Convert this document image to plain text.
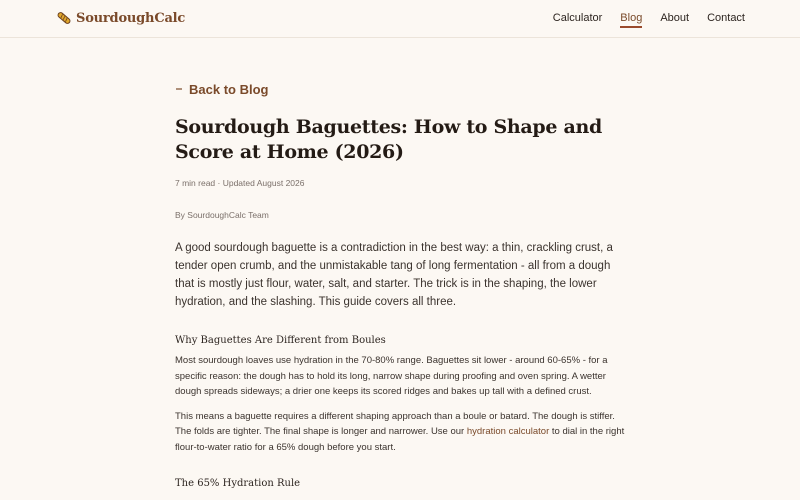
SourdoughCalc	Calculator Blog About Contact
Back to Blog
Sourdough Baguettes: How to Shape and Score at Home (2026)
7 min read · Updated August 2026
By SourdoughCalc Team

A good sourdough baguette is a contradiction in the best way: a thin, crackling crust, a tender open crumb, and the unmistakable tang of long fermentation - all from a dough that is mostly just flour, water, salt, and starter. The trick is in the shaping, the lower hydration, and the slashing. This guide covers all three.

Why Baguettes Are Different from Boules

Most sourdough loaves use hydration in the 70-80% range. Baguettes sit lower - around 60-65% - for a specific reason: the dough has to hold its long, narrow shape during proofing and oven spring. A wetter dough spreads sideways; a drier one keeps its scored ridges and bakes up tall with a defined crust.

This means a baguette requires a different shaping approach than a boule or batard. The dough is stiffer. The folds are tighter. The final shape is longer and narrower. Use our hydration calculator to dial in the right flour-to-water ratio for a 65% dough before you start.

The 65% Hydration Rule
